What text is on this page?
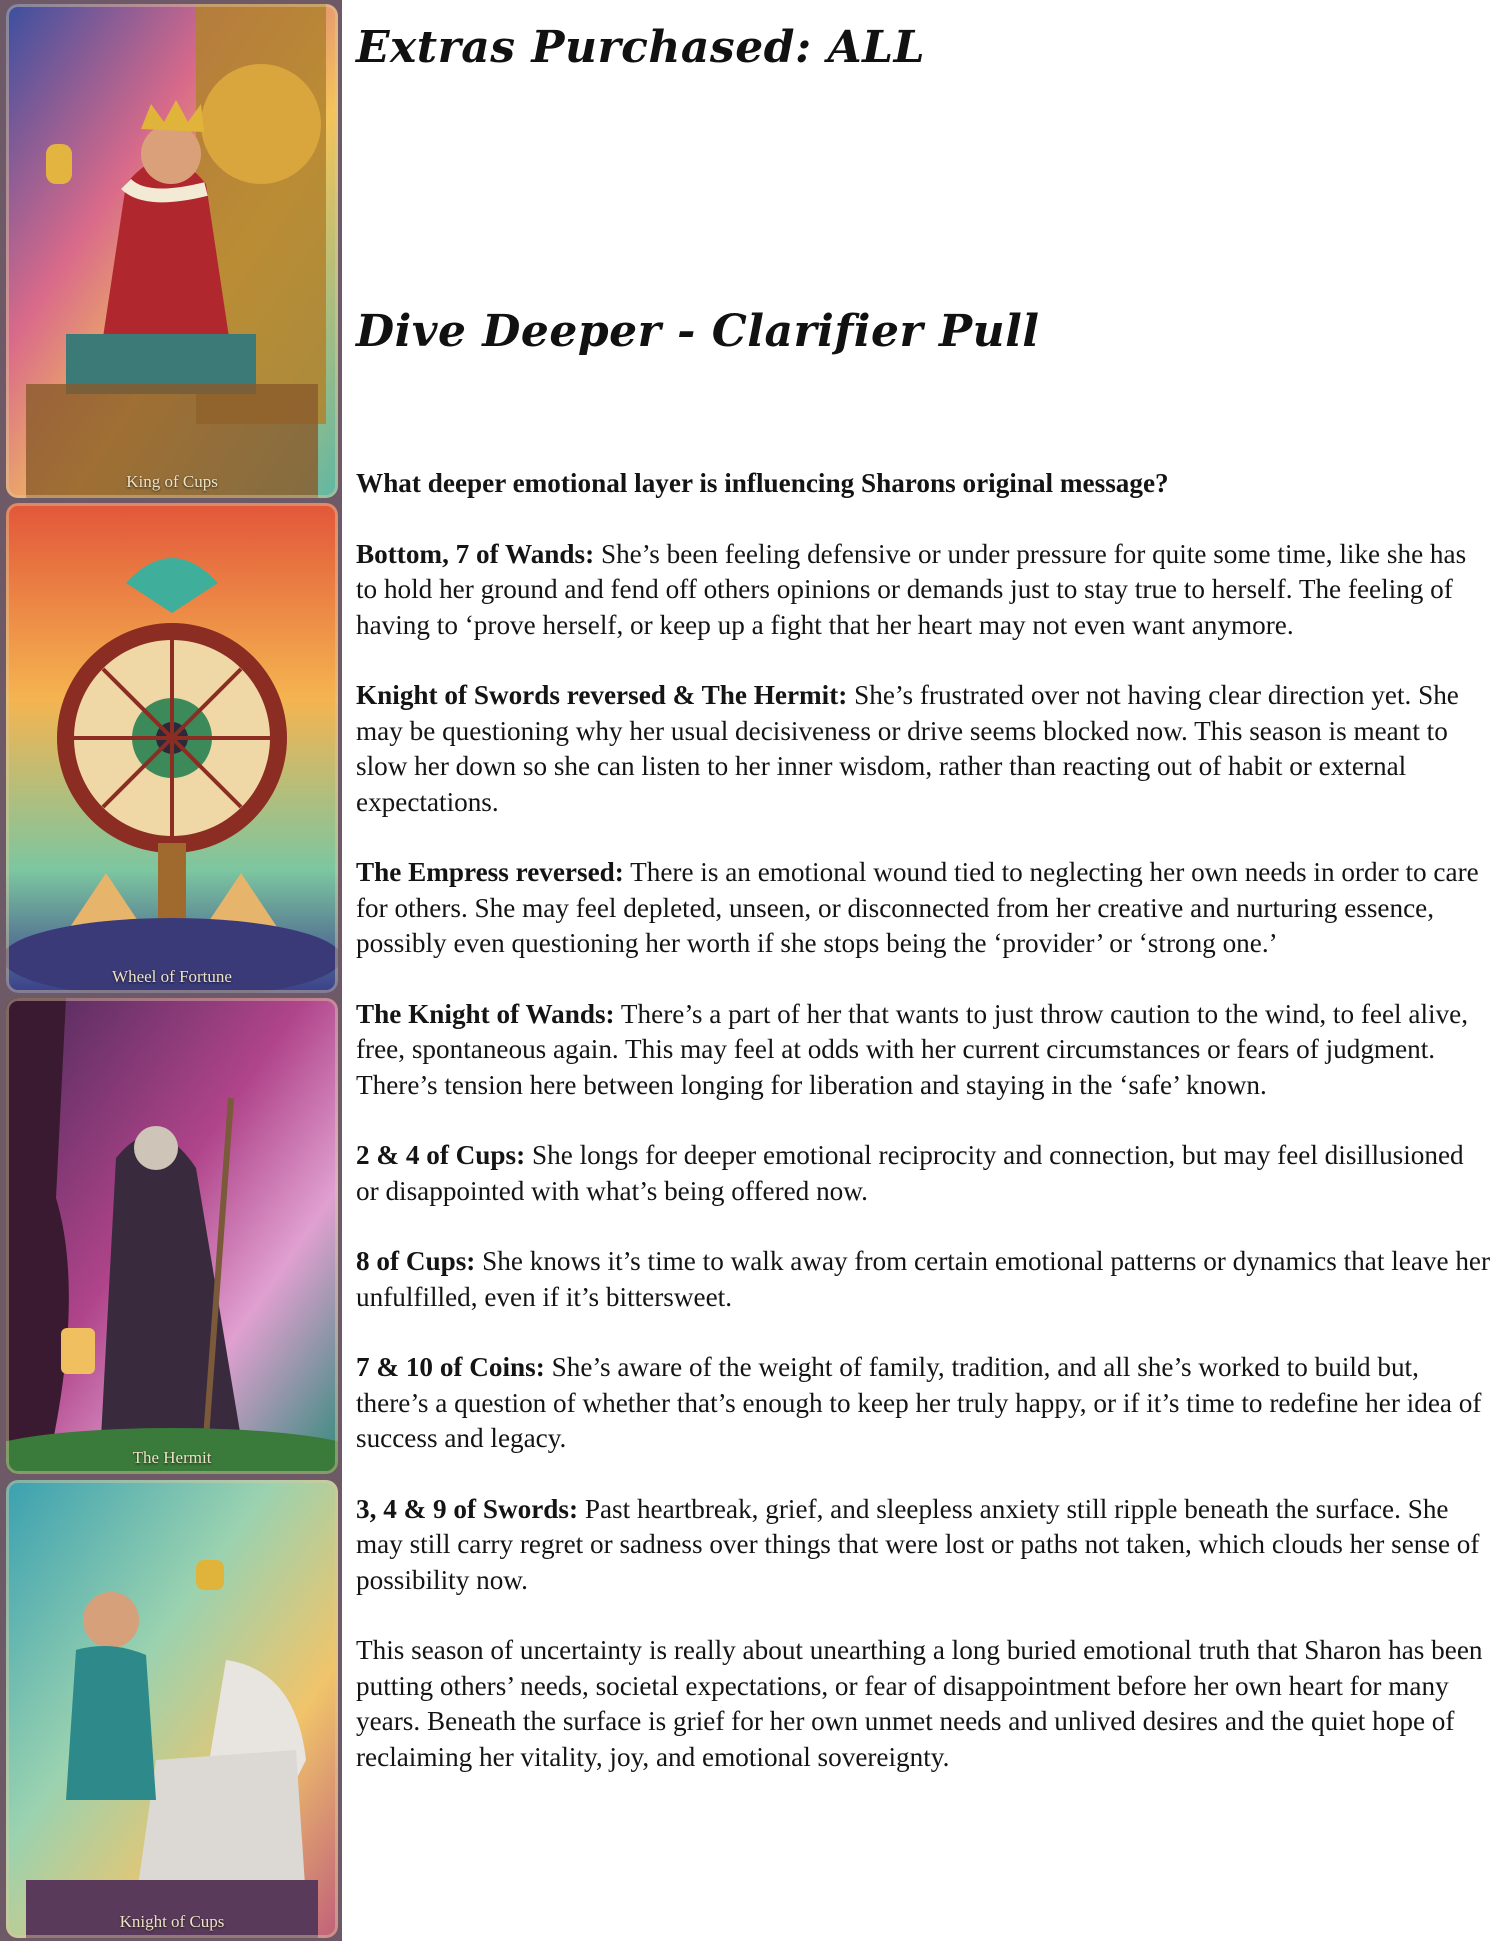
King of Cups
Wheel of Fortune
The Hermit
Knight of Cups
Extras Purchased: ALL
Dive Deeper - Clarifier Pull

What deeper emotional layer is influencing Sharons original message?

Bottom, 7 of Wands: She’s been feeling defensive or under pressure for quite some time, like she has to hold her ground and fend off others opinions or demands just to stay true to herself. The feeling of having to ‘prove herself, or keep up a fight that her heart may not even want anymore.

Knight of Swords reversed & The Hermit: She’s frustrated over not having clear direction yet. She may be questioning why her usual decisiveness or drive seems blocked now. This season is meant to slow her down so she can listen to her inner wisdom, rather than reacting out of habit or external expectations.

The Empress reversed: There is an emotional wound tied to neglecting her own needs in order to care for others. She may feel depleted, unseen, or disconnected from her creative and nurturing essence, possibly even questioning her worth if she stops being the ‘provider’ or ‘strong one.’

The Knight of Wands: There’s a part of her that wants to just throw caution to the wind, to feel alive, free, spontaneous again. This may feel at odds with her current circumstances or fears of judgment. There’s tension here between longing for liberation and staying in the ‘safe’ known.

2 & 4 of Cups: She longs for deeper emotional reciprocity and connection, but may feel disillusioned or disappointed with what’s being offered now.

8 of Cups: She knows it’s time to walk away from certain emotional patterns or dynamics that leave her unfulfilled, even if it’s bittersweet.

7 & 10 of Coins: She’s aware of the weight of family, tradition, and all she’s worked to build but, there’s a question of whether that’s enough to keep her truly happy, or if it’s time to redefine her idea of success and legacy.

3, 4 & 9 of Swords: Past heartbreak, grief, and sleepless anxiety still ripple beneath the surface. She may still carry regret or sadness over things that were lost or paths not taken, which clouds her sense of possibility now.

This season of uncertainty is really about unearthing a long buried emotional truth that Sharon has been putting others’ needs, societal expectations, or fear of disappointment before her own heart for many years. Beneath the surface is grief for her own unmet needs and unlived desires and the quiet hope of reclaiming her vitality, joy, and emotional sovereignty.
